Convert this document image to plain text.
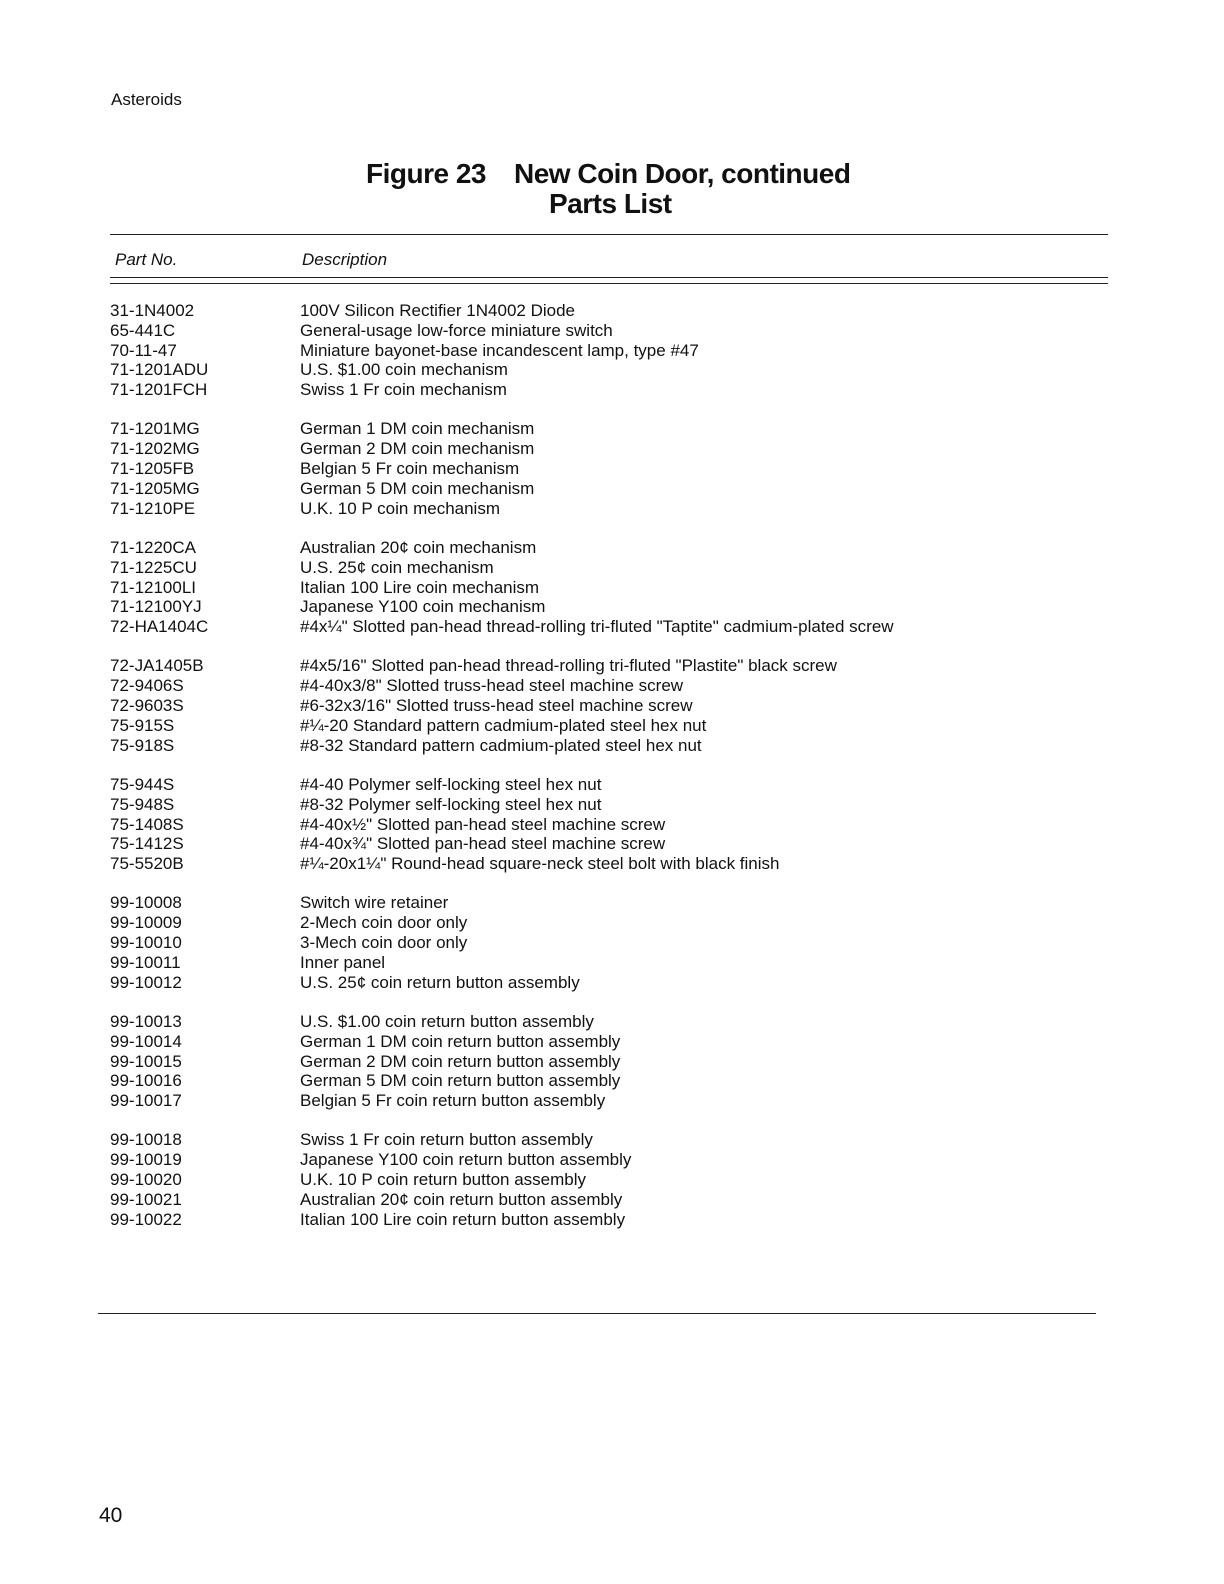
Asteroids
Figure 23 New Coin Door, continued
Parts List
Part No.	Description
31-1N4002	100V Silicon Rectifier 1N4002 Diode
65-441C	General-usage low-force miniature switch
70-11-47	Miniature bayonet-base incandescent lamp, type #47
71-1201ADU	U.S. $1.00 coin mechanism
71-1201FCH	Swiss 1 Fr coin mechanism
71-1201MG	German 1 DM coin mechanism
71-1202MG	German 2 DM coin mechanism
71-1205FB	Belgian 5 Fr coin mechanism
71-1205MG	German 5 DM coin mechanism
71-1210PE	U.K. 10 P coin mechanism
71-1220CA	Australian 20¢ coin mechanism
71-1225CU	U.S. 25¢ coin mechanism
71-12100LI	Italian 100 Lire coin mechanism
71-12100YJ	Japanese Y100 coin mechanism
72-HA1404C	#4x¼" Slotted pan-head thread-rolling tri-fluted "Taptite" cadmium-plated screw
72-JA1405B	#4x5/16" Slotted pan-head thread-rolling tri-fluted "Plastite" black screw
72-9406S	#4-40x3/8" Slotted truss-head steel machine screw
72-9603S	#6-32x3/16" Slotted truss-head steel machine screw
75-915S	#¼-20 Standard pattern cadmium-plated steel hex nut
75-918S	#8-32 Standard pattern cadmium-plated steel hex nut
75-944S	#4-40 Polymer self-locking steel hex nut
75-948S	#8-32 Polymer self-locking steel hex nut
75-1408S	#4-40x½" Slotted pan-head steel machine screw
75-1412S	#4-40x¾" Slotted pan-head steel machine screw
75-5520B	#¼-20x1¼" Round-head square-neck steel bolt with black finish
99-10008	Switch wire retainer
99-10009	2-Mech coin door only
99-10010	3-Mech coin door only
99-10011	Inner panel
99-10012	U.S. 25¢ coin return button assembly
99-10013	U.S. $1.00 coin return button assembly
99-10014	German 1 DM coin return button assembly
99-10015	German 2 DM coin return button assembly
99-10016	German 5 DM coin return button assembly
99-10017	Belgian 5 Fr coin return button assembly
99-10018	Swiss 1 Fr coin return button assembly
99-10019	Japanese Y100 coin return button assembly
99-10020	U.K. 10 P coin return button assembly
99-10021	Australian 20¢ coin return button assembly
99-10022	Italian 100 Lire coin return button assembly
40
